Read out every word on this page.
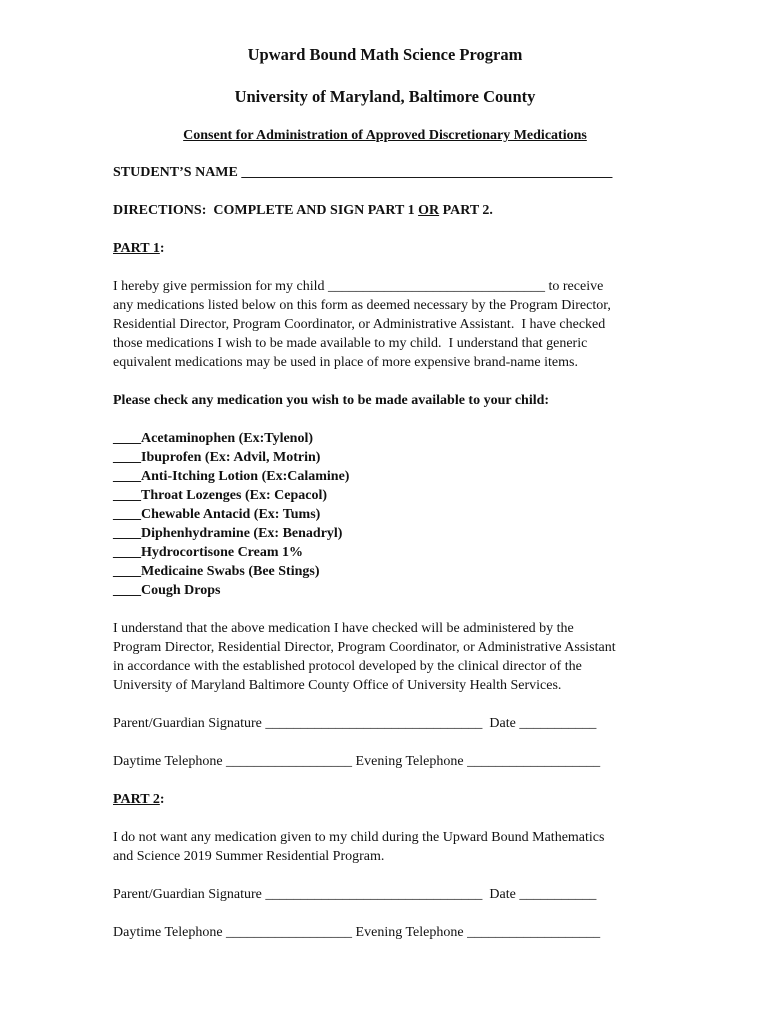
Upward Bound Math Science Program
University of Maryland, Baltimore County
Consent for Administration of Approved Discretionary Medications
STUDENT’S NAME _____________________________________________________
DIRECTIONS:  COMPLETE AND SIGN PART 1 OR PART 2.
PART 1:
I hereby give permission for my child _______________________________ to receive
any medications listed below on this form as deemed necessary by the Program Director,
Residential Director, Program Coordinator, or Administrative Assistant.  I have checked
those medications I wish to be made available to my child.  I understand that generic
equivalent medications may be used in place of more expensive brand-name items.
Please check any medication you wish to be made available to your child:
____Acetaminophen (Ex:Tylenol)
____Ibuprofen (Ex: Advil, Motrin)
____Anti-Itching Lotion (Ex:Calamine)
____Throat Lozenges (Ex: Cepacol)
____Chewable Antacid (Ex: Tums)
____Diphenhydramine (Ex: Benadryl)
____Hydrocortisone Cream 1%
____Medicaine Swabs (Bee Stings)
____Cough Drops
I understand that the above medication I have checked will be administered by the
Program Director, Residential Director, Program Coordinator, or Administrative Assistant
in accordance with the established protocol developed by the clinical director of the
University of Maryland Baltimore County Office of University Health Services.
Parent/Guardian Signature _______________________________  Date ___________
Daytime Telephone __________________ Evening Telephone ___________________
PART 2:
I do not want any medication given to my child during the Upward Bound Mathematics
and Science 2019 Summer Residential Program.
Parent/Guardian Signature _______________________________  Date ___________
Daytime Telephone __________________ Evening Telephone ___________________
